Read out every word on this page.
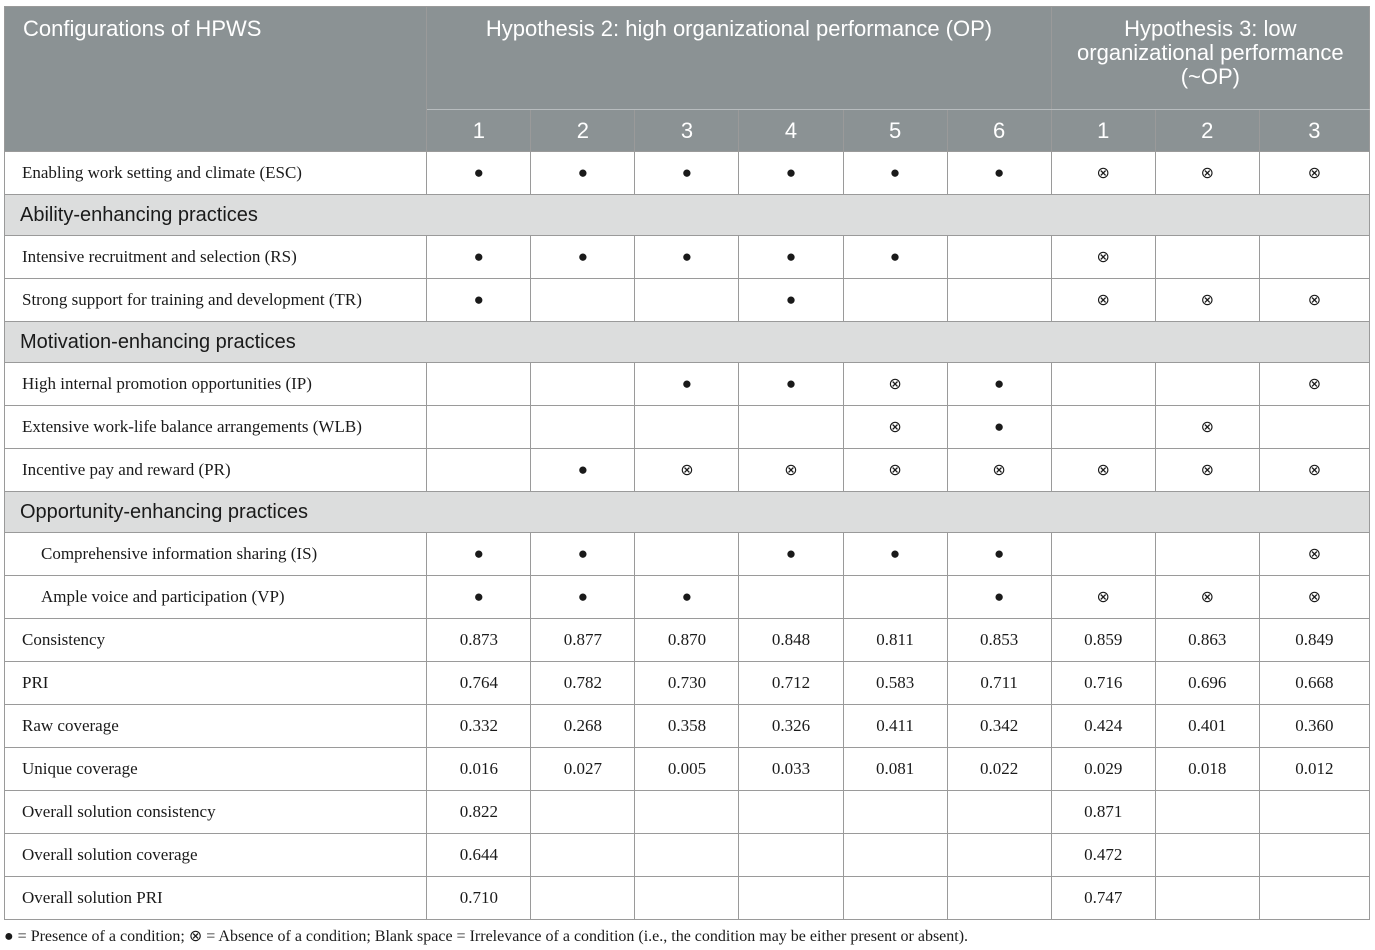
Configurations of HPWS	Hypothesis 2: high organizational performance (OP)						Hypothesis 3: low organizational performance (~OP)		
	1	2	3	4	5	6	1	2	3
Enabling work setting and climate (ESC)	●	●	●	●	●	●	⊗	⊗	⊗
Ability-enhancing practices									
Intensive recruitment and selection (RS)	●	●	●	●	●		⊗		
Strong support for training and development (TR)	●			●			⊗	⊗	⊗
Motivation-enhancing practices									
High internal promotion opportunities (IP)			●	●	⊗	●			⊗
Extensive work-life balance arrangements (WLB)					⊗	●		⊗	
Incentive pay and reward (PR)		●	⊗	⊗	⊗	⊗	⊗	⊗	⊗
Opportunity-enhancing practices									
Comprehensive information sharing (IS)	●	●		●	●	●			⊗
Ample voice and participation (VP)	●	●	●			●	⊗	⊗	⊗
Consistency	0.873	0.877	0.870	0.848	0.811	0.853	0.859	0.863	0.849
PRI	0.764	0.782	0.730	0.712	0.583	0.711	0.716	0.696	0.668
Raw coverage	0.332	0.268	0.358	0.326	0.411	0.342	0.424	0.401	0.360
Unique coverage	0.016	0.027	0.005	0.033	0.081	0.022	0.029	0.018	0.012
Overall solution consistency	0.822						0.871		
Overall solution coverage	0.644						0.472		
Overall solution PRI	0.710						0.747		
● = Presence of a condition; ⊗ = Absence of a condition; Blank space = Irrelevance of a condition (i.e., the condition may be either present or absent).
